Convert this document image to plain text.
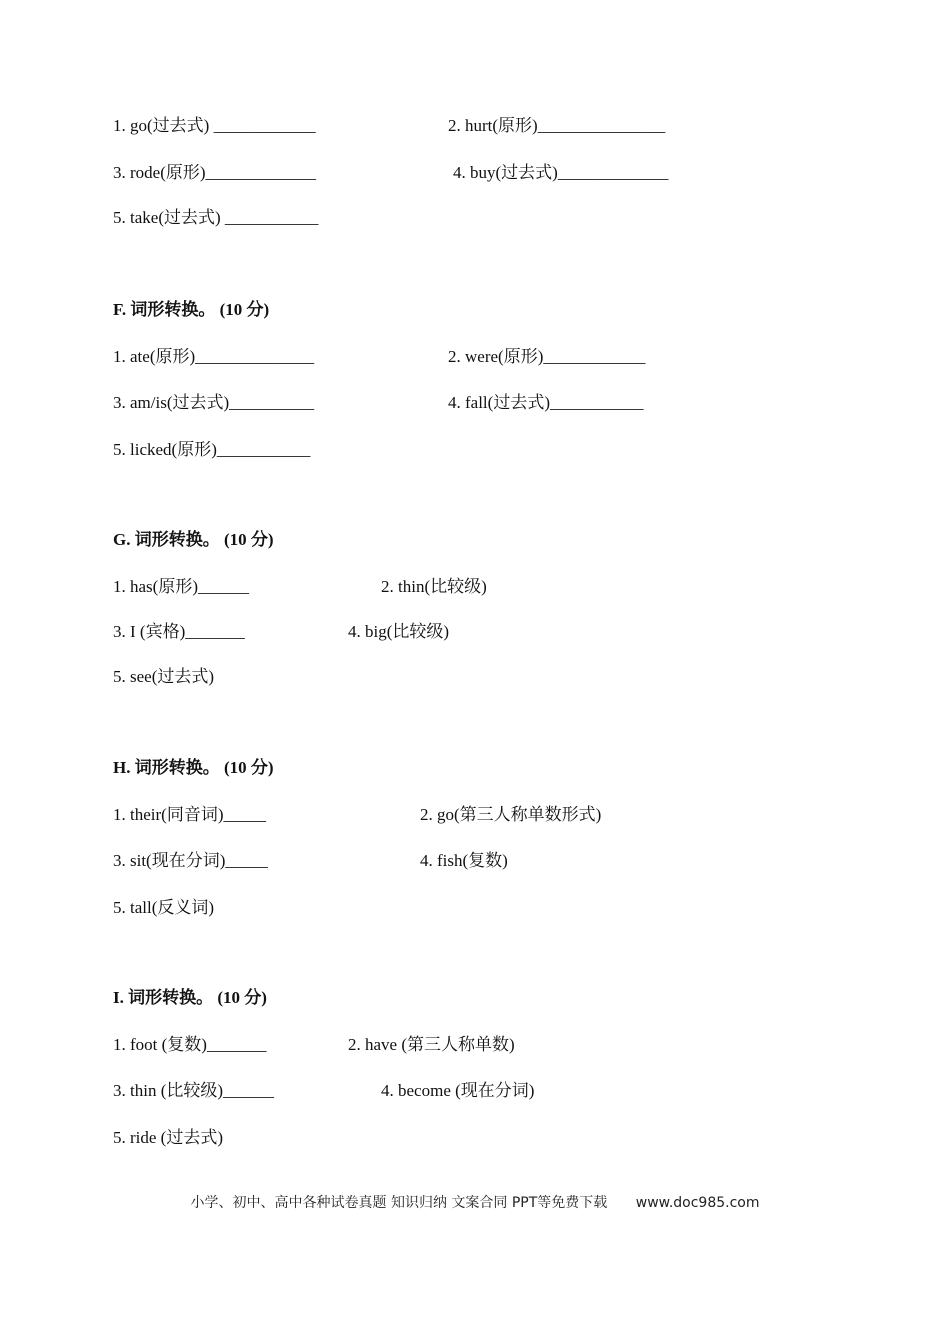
1. go(过去式) ____________	2. hurt(原形)_______________
3. rode(原形)_____________	4. buy(过去式)_____________
5. take(过去式) ___________
F. 词形转换。 (10 分)
1. ate(原形)______________	2. were(原形)____________
3. am/is(过去式)__________	4. fall(过去式)___________
5. licked(原形)___________
G. 词形转换。 (10 分)
1. has(原形)______	2. thin(比较级)
3. I (宾格)_______	4. big(比较级)
5. see(过去式)
H. 词形转换。 (10 分)
1. their(同音词)_____	2. go(第三人称单数形式)
3. sit(现在分词)_____	4. fish(复数)
5. tall(反义词)
I. 词形转换。 (10 分)
1. foot (复数)_______	2. have (第三人称单数)
3. thin (比较级)______	4. become (现在分词)
5. ride (过去式)
小学、初中、高中各种试卷真题 知识归纳 文案合同 PPT等免费下载 www.doc985.com
